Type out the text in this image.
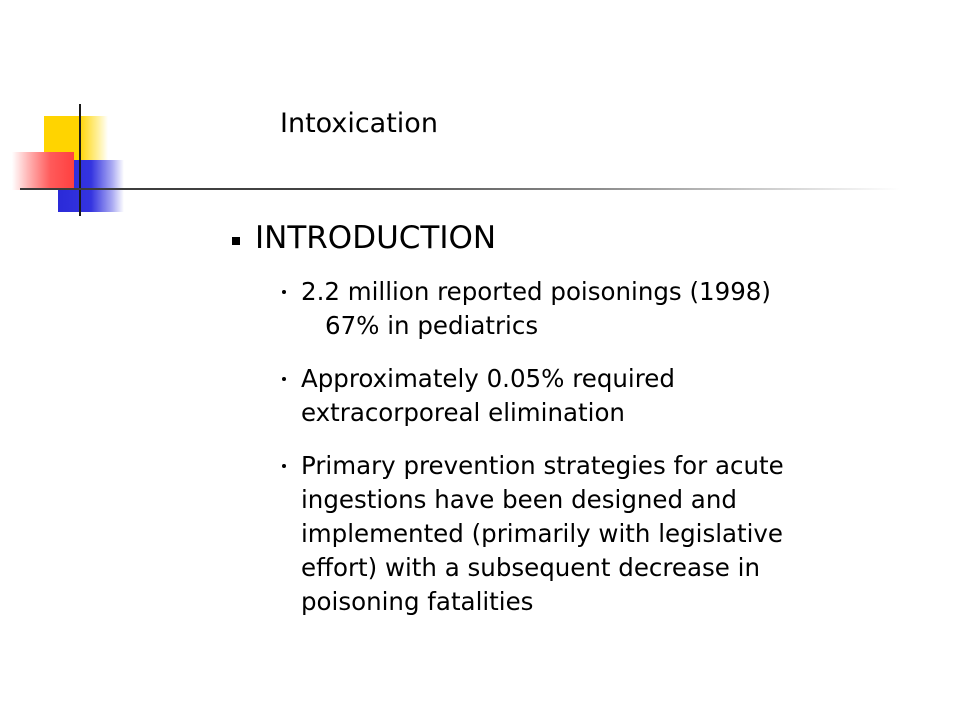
Intoxication
INTRODUCTION
2.2 million reported poisonings (1998)
67% in pediatrics
Approximately 0.05% required
extracorporeal elimination
Primary prevention strategies for acute
ingestions have been designed and
implemented (primarily with legislative
effort) with a subsequent decrease in
poisoning fatalities
